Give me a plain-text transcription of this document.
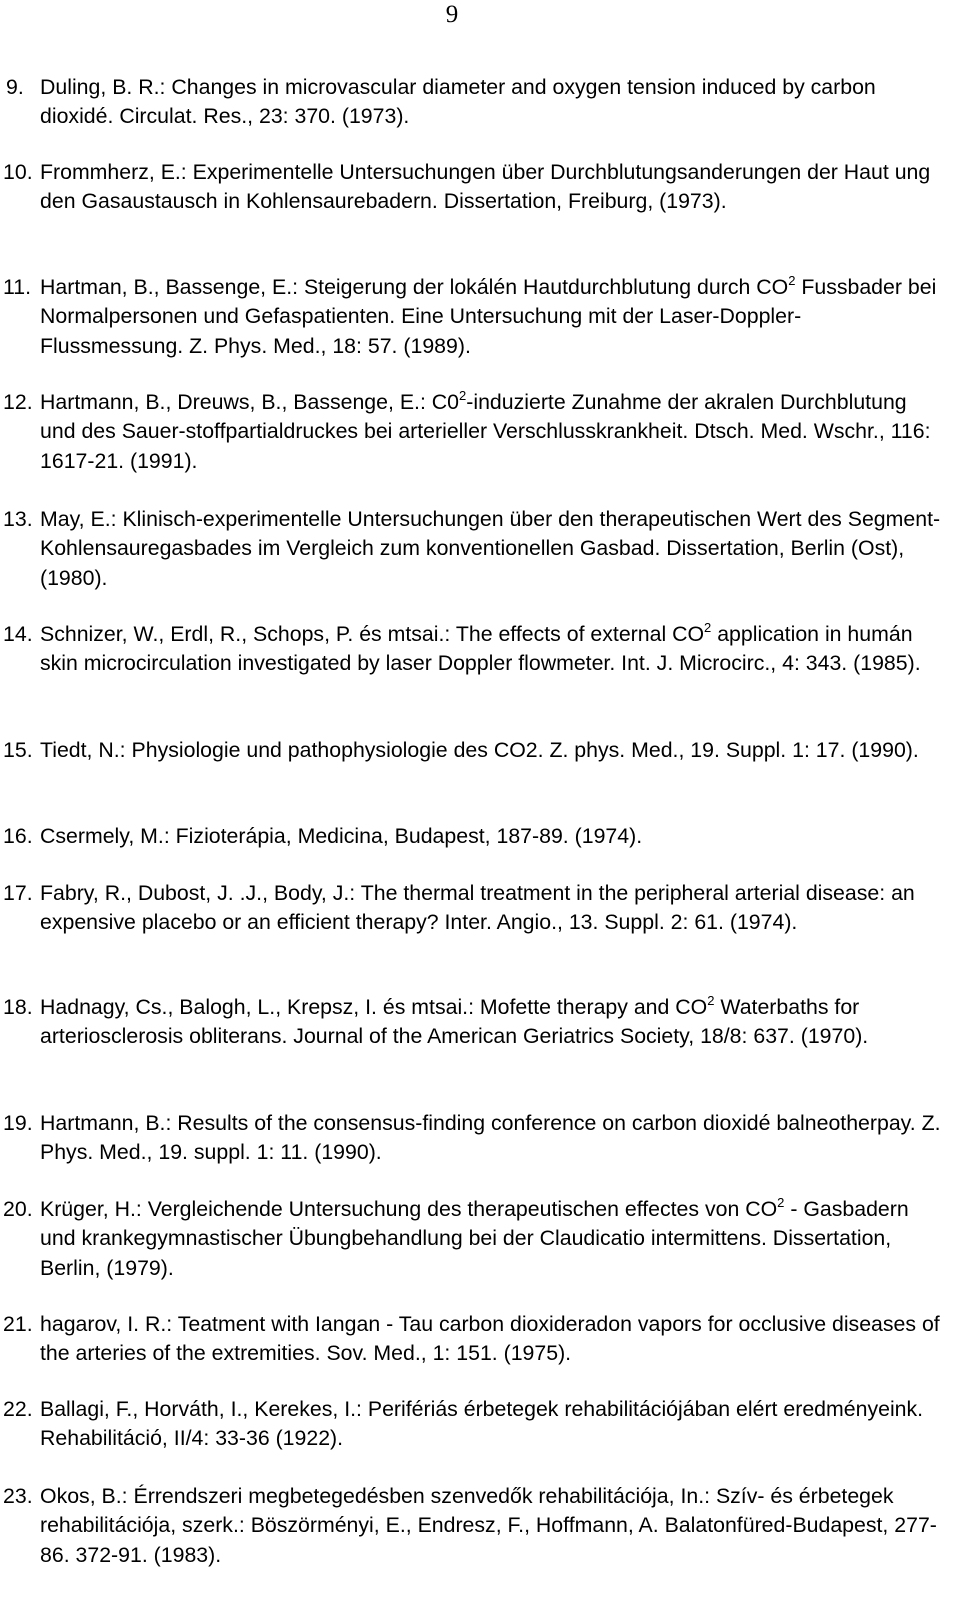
9
9. Duling, B. R.: Changes in microvascular diameter and oxygen tension induced by carbon dioxidé. Circulat. Res., 23: 370. (1973).
10. Frommherz, E.: Experimentelle Untersuchungen über Durchblutungsanderungen der Haut ung den Gasaustausch in Kohlensaurebadern. Dissertation, Freiburg, (1973).
11. Hartman, B., Bassenge, E.: Steigerung der lokálén Hautdurchblutung durch $CO^2$ Fussbader bei Normalpersonen und Gefaspatienten. Eine Untersuchung mit der Laser-Doppler-Flussmessung. Z. Phys. Med., 18: 57. (1989).
12. Hartmann, B., Dreuws, B., Bassenge, E.: $C0^2$-induzierte Zunahme der akralen Durchblutung und des Sauer-stoffpartialdruckes bei arterieller Verschlusskrankheit. Dtsch. Med. Wschr., 116: 1617-21. (1991).
13. May, E.: Klinisch-experimentelle Untersuchungen über den therapeutischen Wert des Segment-Kohlensauregasbades im Vergleich zum konventionellen Gasbad. Dissertation, Berlin (Ost), (1980).
14. Schnizer, W., Erdl, R., Schops, P. és mtsai.: The effects of external $CO^2$ application in humán skin microcirculation investigated by laser Doppler flowmeter. Int. J. Microcirc., 4: 343. (1985).
15. Tiedt, N.: Physiologie und pathophysiologie des CO2. Z. phys. Med., 19. Suppl. 1: 17. (1990).
16. Csermely, M.: Fizioterápia, Medicina, Budapest, 187-89. (1974).
17. Fabry, R., Dubost, J. .J., Body, J.: The thermal treatment in the peripheral arterial disease: an expensive placebo or an efficient therapy? Inter. Angio., 13. Suppl. 2: 61. (1974).
18. Hadnagy, Cs., Balogh, L., Krepsz, I. és mtsai.: Mofette therapy and $CO^2$ Waterbaths for arteriosclerosis obliterans. Journal of the American Geriatrics Society, 18/8: 637. (1970).
19. Hartmann, B.: Results of the consensus-finding conference on carbon dioxidé balneotherpay. Z. Phys. Med., 19. suppl. 1: 11. (1990).
20. Krüger, H.: Vergleichende Untersuchung des therapeutischen effectes von $CO^2$ - Gasbadern und krankegymnastischer Übungbehandlung bei der Claudicatio intermittens. Dissertation, Berlin, (1979).
21. hagarov, I. R.: Teatment with Iangan - Tau carbon dioxideradon vapors for occlusive diseases of the arteries of the extremities. Sov. Med., 1: 151. (1975).
22. Ballagi, F., Horváth, I., Kerekes, I.: Perifériás érbetegek rehabilitációjában elért eredményeink. Rehabilitáció, II/4: 33-36 (1922).
23. Okos, B.: Érrendszeri megbetegedésben szenvedők rehabilitációja, In.: Szív- és érbetegek rehabilitációja, szerk.: Böszörményi, E., Endresz, F., Hoffmann, A. Balatonfüred-Budapest, 277-86. 372-91. (1983).
